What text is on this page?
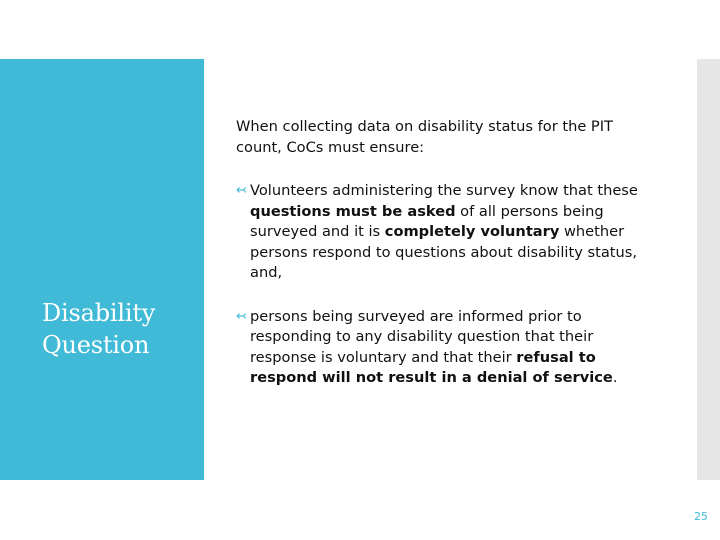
Disability
Question

When collecting data on disability status for the PIT count, CoCs must ensure:

↢ Volunteers administering the survey know that these questions must be asked of all persons being surveyed and it is completely voluntary whether persons respond to questions about disability status, and,
↢ persons being surveyed are informed prior to responding to any disability question that their response is voluntary and that their refusal to respond will not result in a denial of service.
25
